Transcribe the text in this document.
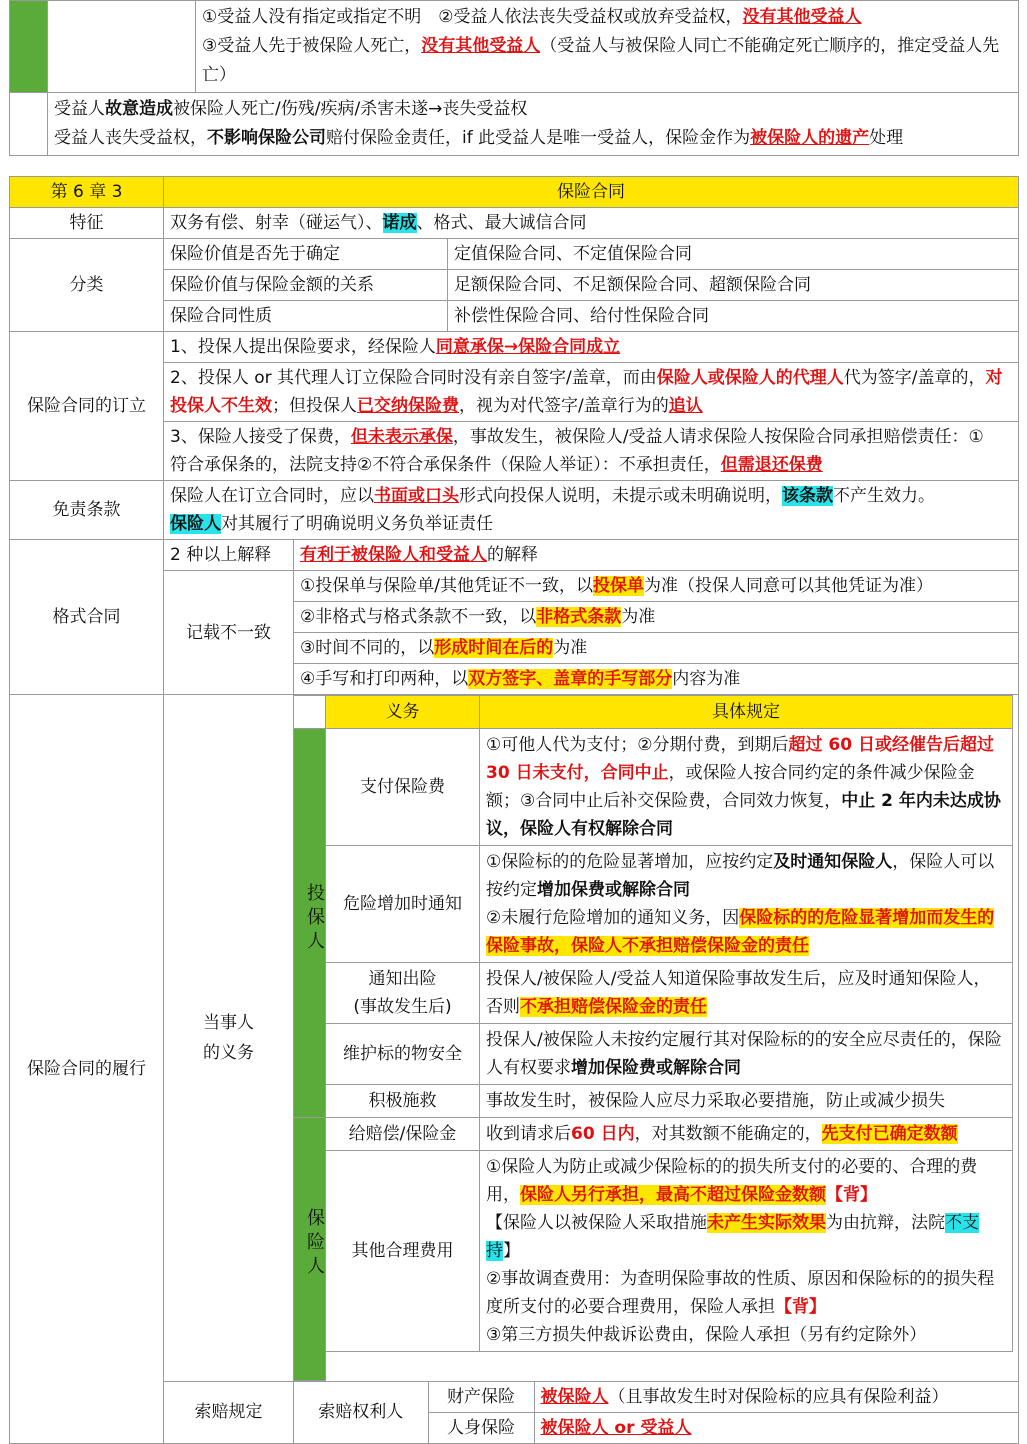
		①受益人没有指定或指定不明　②受益人依法丧失受益权或放弃受益权，没有其他受益人
③受益人先于被保险人死亡，没有其他受益人（受益人与被保险人同亡不能确定死亡顺序的，推定受益人先亡）
	受益人故意造成被保险人死亡/伤残/疾病/杀害未遂→丧失受益权
受益人丧失受益权，不影响保险公司赔付保险金责任，if 此受益人是唯一受益人，保险金作为被保险人的遗产处理	
第 6 章 3	保险合同
特征	双务有偿、射幸（碰运气）、诺成、格式、最大诚信合同
分类	保险价值是否先于确定	定值保险合同、不定值保险合同
保险价值与保险金额的关系	足额保险合同、不足额保险合同、超额保险合同
保险合同性质	补偿性保险合同、给付性保险合同
保险合同的订立	1、投保人提出保险要求，经保险人同意承保→保险合同成立
2、投保人 or 其代理人订立保险合同时没有亲自签字/盖章，而由保险人或保险人的代理人代为签字/盖章的，对投保人不生效；但投保人已交纳保险费，视为对代签字/盖章行为的追认
3、保险人接受了保费，但未表示承保，事故发生，被保险人/受益人请求保险人按保险合同承担赔偿责任：①　符合承保条的，法院支持②不符合承保条件（保险人举证）：不承担责任，但需退还保费
免责条款	保险人在订立合同时，应以书面或口头形式向投保人说明，未提示或未明确说明，该条款不产生效力。
保险人对其履行了明确说明义务负举证责任
格式合同	2 种以上解释	有利于被保险人和受益人的解释
记载不一致	①投保单与保险单/其他凭证不一致，以投保单为准（投保人同意可以其他凭证为准）
②非格式与格式条款不一致，以非格式条款为准
③时间不同的，以形成时间在后的为准
④手写和打印两种，以双方签字、盖章的手写部分内容为准
保险合同的履行	当事人的义务	
	义务	具体规定
投保人	支付保险费	①可他人代为支付；②分期付费，到期后超过 60 日或经催告后超过 30 日未支付，合同中止，或保险人按合同约定的条件减少保险金额；③合同中止后补交保险费，合同效力恢复，中止 2 年内未达成协议，保险人有权解除合同
危险增加时通知	①保险标的的危险显著增加，应按约定及时通知保险人，保险人可以按约定增加保费或解除合同
②未履行危险增加的通知义务，因保险标的的危险显著增加而发生的保险事故，保险人不承担赔偿保险金的责任
通知出险
(事故发生后)	投保人/被保险人/受益人知道保险事故发生后，应及时通知保险人，否则不承担赔偿保险金的责任
维护标的物安全	投保人/被保险人未按约定履行其对保险标的的安全应尽责任的，保险人有权要求增加保险费或解除合同
积极施救	事故发生时，被保险人应尽力采取必要措施，防止或减少损失
保险人	给赔偿/保险金	收到请求后60 日内，对其数额不能确定的，先支付已确定数额
其他合理费用	①保险人为防止或减少保险标的的损失所支付的必要的、合理的费用，保险人另行承担，最高不超过保险金数额【背】
【保险人以被保险人采取措施未产生实际效果为由抗辩，法院不支持】
②事故调查费用：为查明保险事故的性质、原因和保险标的的损失程度所支付的必要合理费用，保险人承担【背】
③第三方损失仲裁诉讼费由，保险人承担（另有约定除外）

索赔规定		索赔权利人	财产保险	被保险人（且事故发生时对保险标的应具有保险利益）
人身保险	被保险人 or 受益人
